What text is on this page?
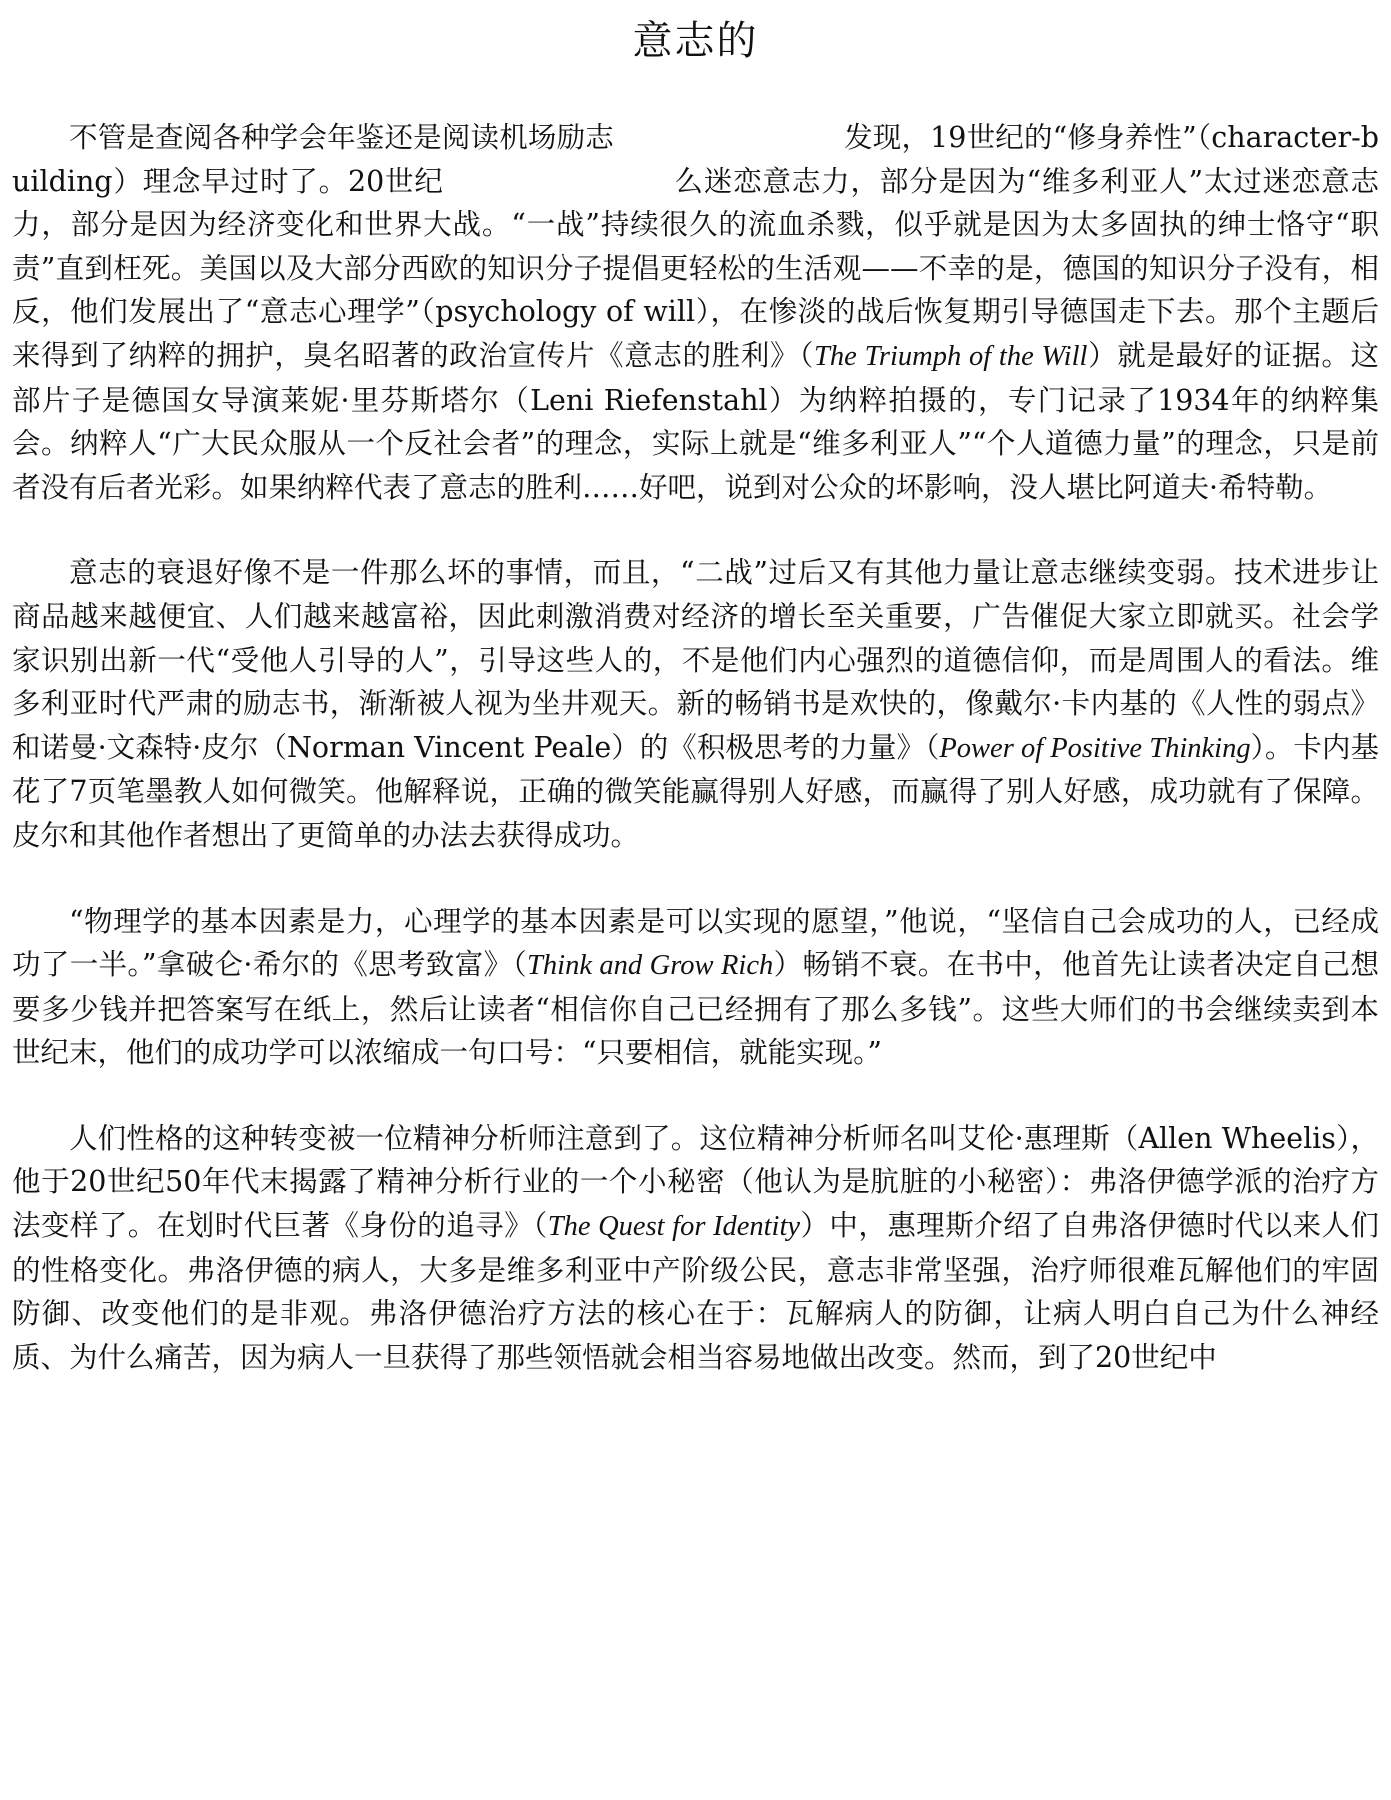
意志的

不管是查阅各种学会年鉴还是阅读机场励志	发现，19世纪的“修身养性”（character-building）理念早过时了。20世纪	么迷恋意志力，部分是因为“维多利亚人”太过迷恋意志力，部分是因为经济变化和世界大战。“一战”持续很久的流血杀戮，似乎就是因为太多固执的绅士恪守“职责”直到枉死。美国以及大部分西欧的知识分子提倡更轻松的生活观——不幸的是，德国的知识分子没有，相反，他们发展出了“意志心理学”（psychology of will），在惨淡的战后恢复期引导德国走下去。那个主题后来得到了纳粹的拥护，臭名昭著的政治宣传片《意志的胜利》（The Triumph of the Will）就是最好的证据。这部片子是德国女导演莱妮·里芬斯塔尔（Leni Riefenstahl）为纳粹拍摄的，专门记录了1934年的纳粹集会。纳粹人“广大民众服从一个反社会者”的理念，实际上就是“维多利亚人”“个人道德力量”的理念，只是前者没有后者光彩。如果纳粹代表了意志的胜利……好吧，说到对公众的坏影响，没人堪比阿道夫·希特勒。

意志的衰退好像不是一件那么坏的事情，而且，“二战”过后又有其他力量让意志继续变弱。技术进步让商品越来越便宜、人们越来越富裕，因此刺激消费对经济的增长至关重要，广告催促大家立即就买。社会学家识别出新一代“受他人引导的人”，引导这些人的，不是他们内心强烈的道德信仰，而是周围人的看法。维多利亚时代严肃的励志书，渐渐被人视为坐井观天。新的畅销书是欢快的，像戴尔·卡内基的《人性的弱点》和诺曼·文森特·皮尔（Norman Vincent Peale）的《积极思考的力量》（Power of Positive Thinking）。卡内基花了7页笔墨教人如何微笑。他解释说，正确的微笑能赢得别人好感，而赢得了别人好感，成功就有了保障。皮尔和其他作者想出了更简单的办法去获得成功。

“物理学的基本因素是力，心理学的基本因素是可以实现的愿望，”他说，“坚信自己会成功的人，已经成功了一半。”拿破仑·希尔的《思考致富》（Think and Grow Rich）畅销不衰。在书中，他首先让读者决定自己想要多少钱并把答案写在纸上，然后让读者“相信你自己已经拥有了那么多钱”。这些大师们的书会继续卖到本世纪末，他们的成功学可以浓缩成一句口号：“只要相信，就能实现。”

人们性格的这种转变被一位精神分析师注意到了。这位精神分析师名叫艾伦·惠理斯（Allen Wheelis），他于20世纪50年代末揭露了精神分析行业的一个小秘密（他认为是肮脏的小秘密）：弗洛伊德学派的治疗方法变样了。在划时代巨著《身份的追寻》（The Quest for Identity）中，惠理斯介绍了自弗洛伊德时代以来人们的性格变化。弗洛伊德的病人，大多是维多利亚中产阶级公民，意志非常坚强，治疗师很难瓦解他们的牢固防御、改变他们的是非观。弗洛伊德治疗方法的核心在于：瓦解病人的防御，让病人明白自己为什么神经质、为什么痛苦，因为病人一旦获得了那些领悟就会相当容易地做出改变。然而，到了20世纪中
